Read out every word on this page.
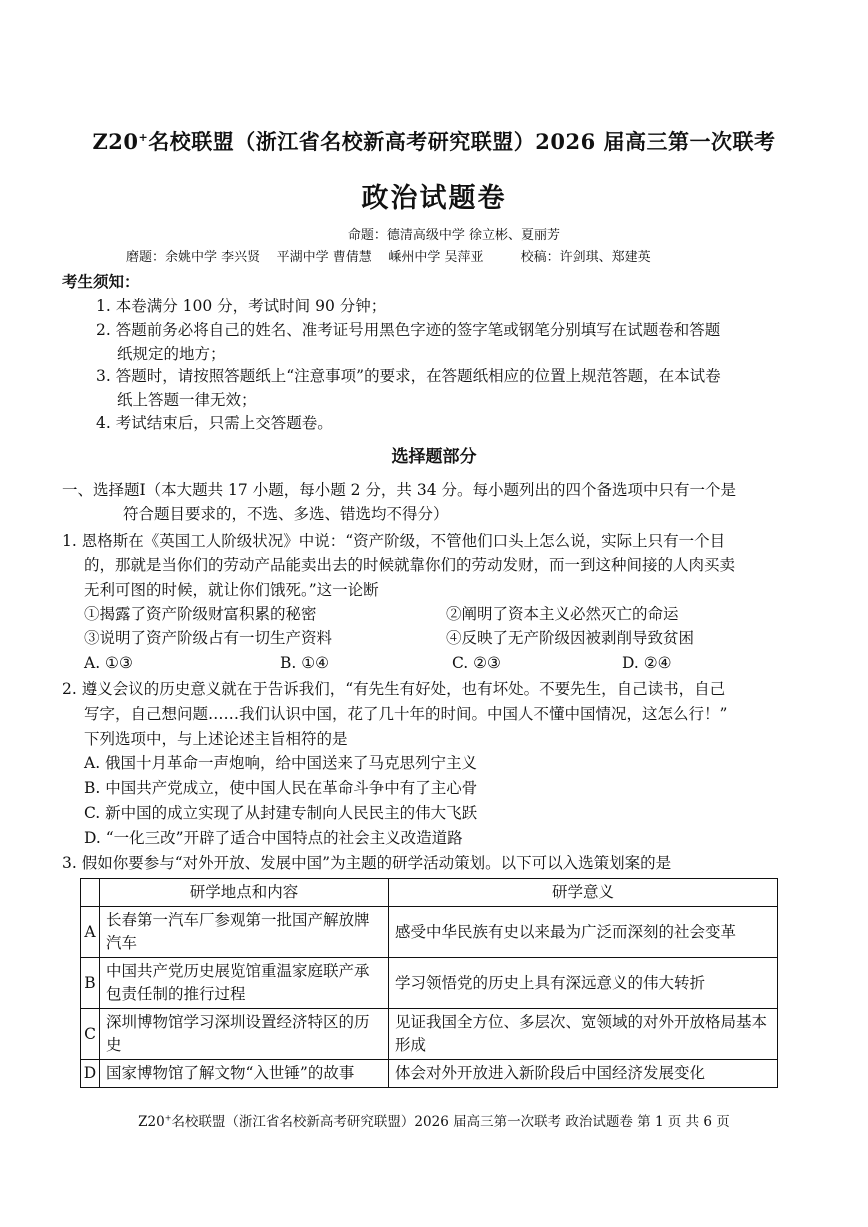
Z20+名校联盟（浙江省名校新高考研究联盟）2026 届高三第一次联考
政治试题卷
命题：德清高级中学 徐立彬、夏丽芳
磨题：余姚中学 李兴贤    平湖中学 曹倩慧    嵊州中学 吴萍亚         校稿：许剑琪、郑建英
考生须知：
1. 本卷满分 100 分，考试时间 90 分钟；
2. 答题前务必将自己的姓名、准考证号用黑色字迹的签字笔或钢笔分别填写在试题卷和答题
纸规定的地方；
3. 答题时，请按照答题纸上“注意事项”的要求，在答题纸相应的位置上规范答题，在本试卷
纸上答题一律无效；
4. 考试结束后，只需上交答题卷。
选择题部分
一、选择题Ⅰ（本大题共 17 小题，每小题 2 分，共 34 分。每小题列出的四个备选项中只有一个是
符合题目要求的，不选、多选、错选均不得分）
1. 恩格斯在《英国工人阶级状况》中说：“资产阶级，不管他们口头上怎么说，实际上只有一个目
的，那就是当你们的劳动产品能卖出去的时候就靠你们的劳动发财，而一到这种间接的人肉买卖
无利可图的时候，就让你们饿死。”这一论断
①揭露了资产阶级财富积累的秘密	②阐明了资本主义必然灭亡的命运
③说明了资产阶级占有一切生产资料	④反映了无产阶级因被剥削导致贫困
A. ①③	B. ①④	C. ②③	D. ②④
2. 遵义会议的历史意义就在于告诉我们，“有先生有好处，也有坏处。不要先生，自己读书，自己
写字，自己想问题……我们认识中国，花了几十年的时间。中国人不懂中国情况，这怎么行！”
下列选项中，与上述论述主旨相符的是
A. 俄国十月革命一声炮响，给中国送来了马克思列宁主义
B. 中国共产党成立，使中国人民在革命斗争中有了主心骨
C. 新中国的成立实现了从封建专制向人民民主的伟大飞跃
D. “一化三改”开辟了适合中国特点的社会主义改造道路
3. 假如你要参与“对外开放、发展中国”为主题的研学活动策划。以下可以入选策划案的是
	研学地点和内容	研学意义
A	长春第一汽车厂参观第一批国产解放牌汽车	感受中华民族有史以来最为广泛而深刻的社会变革
B	中国共产党历史展览馆重温家庭联产承包责任制的推行过程	学习领悟党的历史上具有深远意义的伟大转折
C	深圳博物馆学习深圳设置经济特区的历史	见证我国全方位、多层次、宽领域的对外开放格局基本形成
D	国家博物馆了解文物“入世锤”的故事	体会对外开放进入新阶段后中国经济发展变化
Z20+名校联盟（浙江省名校新高考研究联盟）2026 届高三第一次联考 政治试题卷 第 1 页 共 6 页
